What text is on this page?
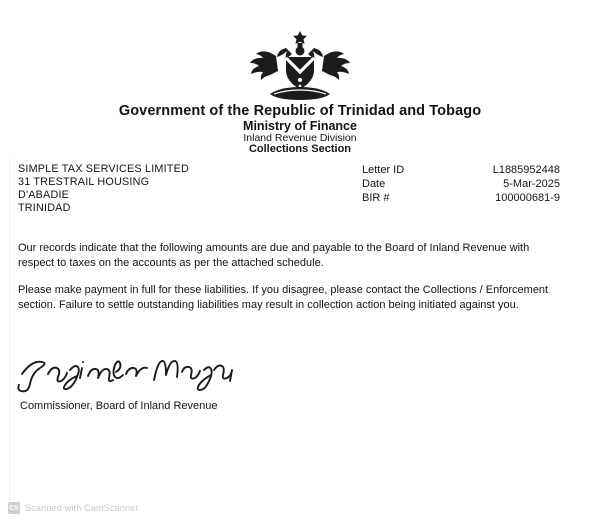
Government of the Republic of Trinidad and Tobago
Ministry of Finance
Inland Revenue Division
Collections Section
SIMPLE TAX SERVICES LIMITED
31 TRESTRAIL HOUSING
D'ABADIE
TRINIDAD
Letter ID	L1885952448
Date	5-Mar-2025
BIR #	100000681-9
Our records indicate that the following amounts are due and payable to the Board of Inland Revenue with respect to taxes on the accounts as per the attached schedule.
Please make payment in full for these liabilities. If you disagree, please contact the Collections / Enforcement section. Failure to settle outstanding liabilities may result in collection action being initiated against you.
Commissioner, Board of Inland Revenue
CS Scanned with CamScanner
